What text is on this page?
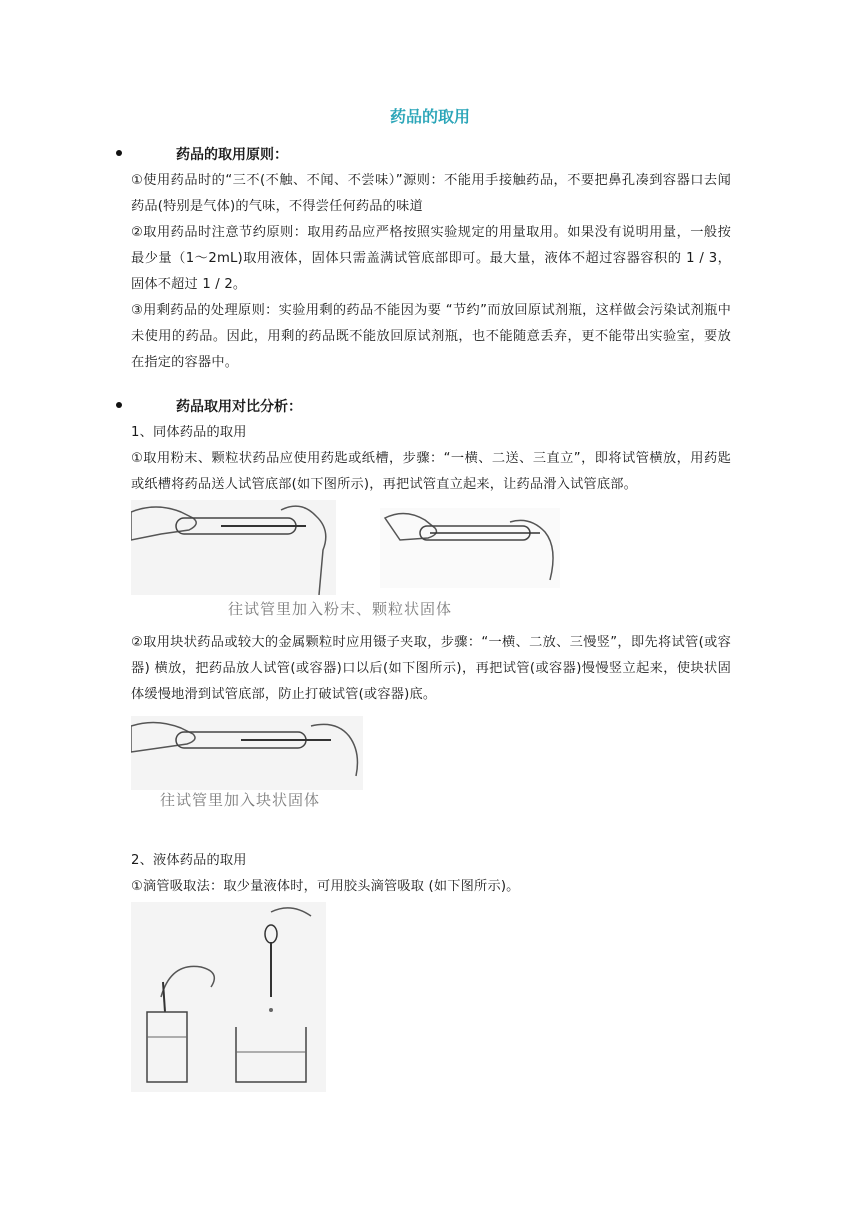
药品的取用
药品的取用原则：

①使用药品时的“三不(不触、不闻、不尝味）”源则：不能用手接触药品，不要把鼻孔凑到容器口去闻药品(特别是气体)的气味，不得尝任何药品的味道

②取用药品时注意节约原则：取用药品应严格按照实验规定的用量取用。如果没有说明用量，一般按最少量（1～2mL)取用液体，固体只需盖满试管底部即可。最大量，液体不超过容器容积的 1 / 3，固体不超过 1 / 2。

③用剩药品的处理原则：实验用剩的药品不能因为要 “节约”而放回原试剂瓶，这样做会污染试剂瓶中未使用的药品。因此，用剩的药品既不能放回原试剂瓶，也不能随意丢弃，更不能带出实验室，要放在指定的容器中。

药品取用对比分析：

1、同体药品的取用

①取用粉末、颗粒状药品应使用药匙或纸槽，步骤：“一横、二送、三直立”，即将试管横放，用药匙或纸槽将药品送人试管底部(如下图所示)，再把试管直立起来，让药品滑入试管底部。

往试管里加入粉末、颗粒状固体

②取用块状药品或较大的金属颗粒时应用镊子夹取，步骤：“一横、二放、三慢竖”，即先将试管(或容器) 横放，把药品放人试管(或容器)口以后(如下图所示)，再把试管(或容器)慢慢竖立起来，使块状固体缓慢地滑到试管底部，防止打破试管(或容器)底。

往试管里加入块状固体

2、液体药品的取用

①滴管吸取法：取少量液体时，可用胶头滴管吸取 (如下图所示)。
